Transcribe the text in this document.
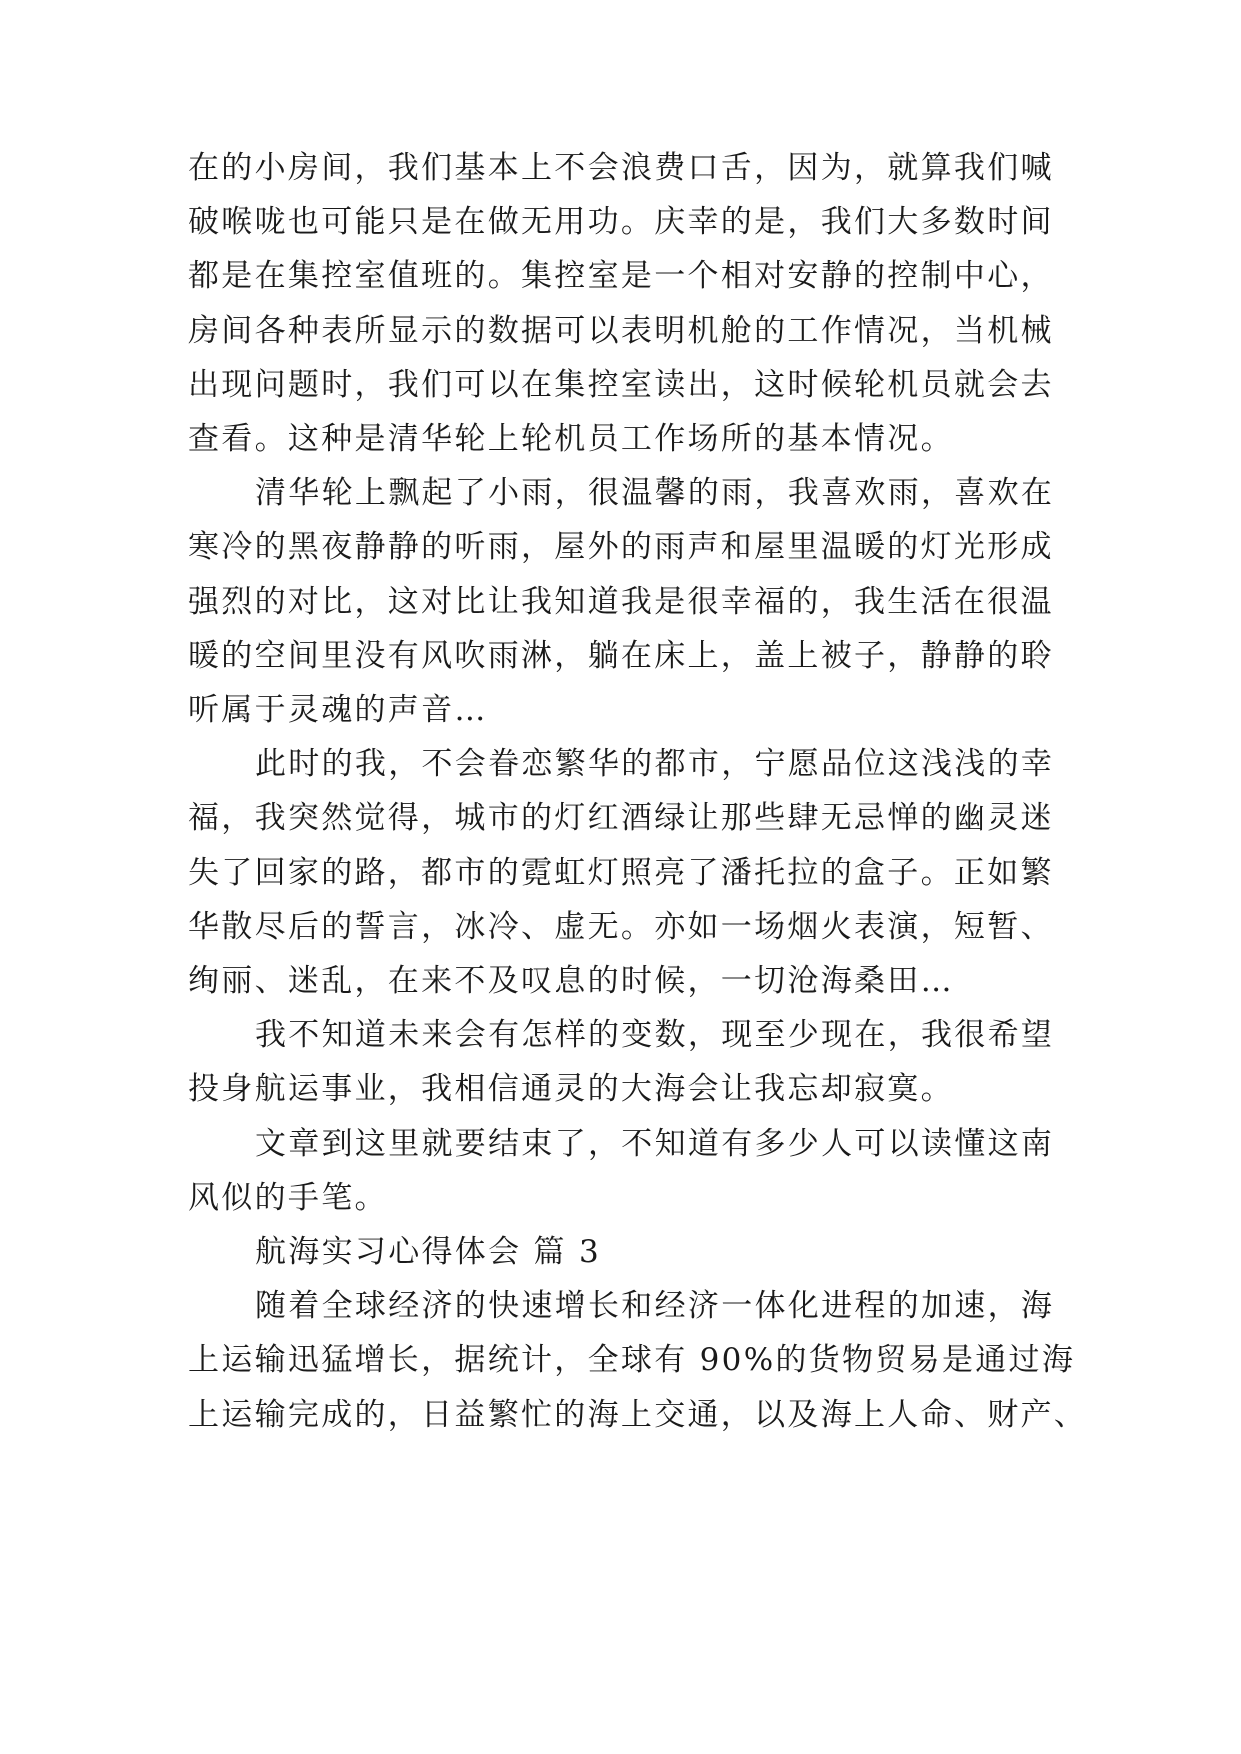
在的小房间，我们基本上不会浪费口舌，因为，就算我们喊
破喉咙也可能只是在做无用功。庆幸的是，我们大多数时间
都是在集控室值班的。集控室是一个相对安静的控制中心，
房间各种表所显示的数据可以表明机舱的工作情况，当机械
出现问题时，我们可以在集控室读出，这时候轮机员就会去
查看。这种是清华轮上轮机员工作场所的基本情况。
清华轮上飘起了小雨，很温馨的雨，我喜欢雨，喜欢在
寒冷的黑夜静静的听雨，屋外的雨声和屋里温暖的灯光形成
强烈的对比，这对比让我知道我是很幸福的，我生活在很温
暖的空间里没有风吹雨淋，躺在床上，盖上被子，静静的聆
听属于灵魂的声音…
此时的我，不会眷恋繁华的都市，宁愿品位这浅浅的幸
福，我突然觉得，城市的灯红酒绿让那些肆无忌惮的幽灵迷
失了回家的路，都市的霓虹灯照亮了潘托拉的盒子。正如繁
华散尽后的誓言，冰冷、虚无。亦如一场烟火表演，短暂、
绚丽、迷乱，在来不及叹息的时候，一切沧海桑田…
我不知道未来会有怎样的变数，现至少现在，我很希望
投身航运事业，我相信通灵的大海会让我忘却寂寞。
文章到这里就要结束了，不知道有多少人可以读懂这南
风似的手笔。
航海实习心得体会 篇 3
随着全球经济的快速增长和经济一体化进程的加速，海
上运输迅猛增长，据统计，全球有 90%的货物贸易是通过海
上运输完成的，日益繁忙的海上交通，以及海上人命、财产、
